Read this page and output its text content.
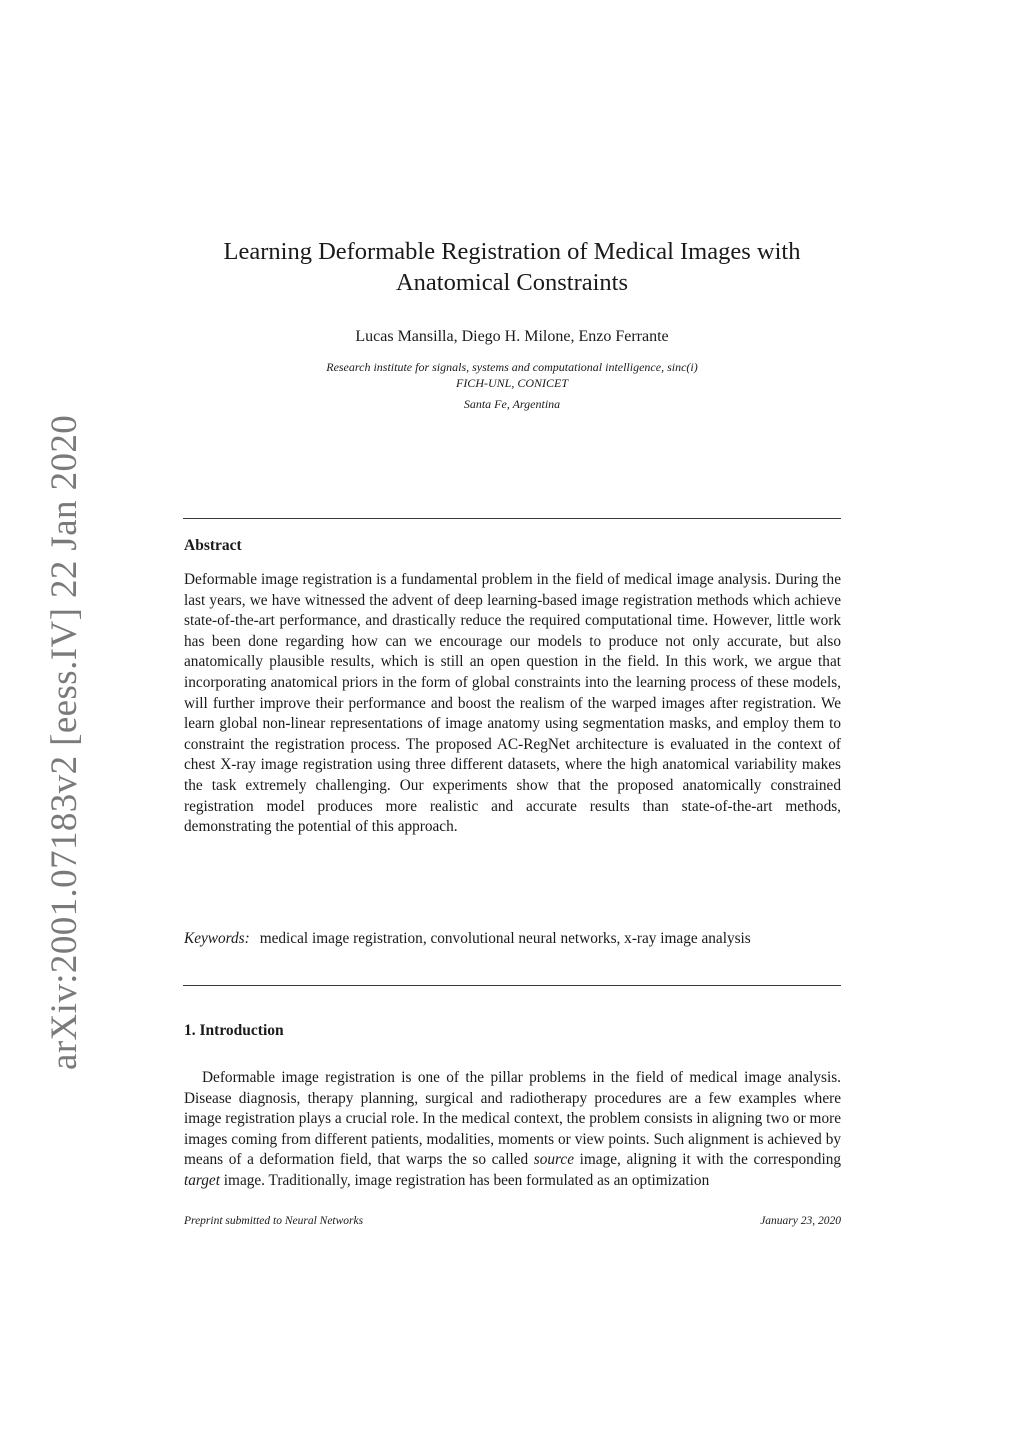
arXiv:2001.07183v2 [eess.IV] 22 Jan 2020
Learning Deformable Registration of Medical Images with
Anatomical Constraints
Lucas Mansilla, Diego H. Milone, Enzo Ferrante
Research institute for signals, systems and computational intelligence, sinc(i)
FICH-UNL, CONICET
Santa Fe, Argentina
Abstract

Deformable image registration is a fundamental problem in the field of medical image analysis. During the last years, we have witnessed the advent of deep learning-based image registration methods which achieve state-of-the-art performance, and drastically reduce the required computational time. However, little work has been done regarding how can we encourage our models to produce not only accurate, but also anatomically plausible results, which is still an open question in the field. In this work, we argue that incorporating anatomical priors in the form of global constraints into the learning process of these models, will further improve their performance and boost the realism of the warped images after registration. We learn global non-linear representations of image anatomy using segmentation masks, and employ them to constraint the registration process. The proposed AC-RegNet architecture is evaluated in the context of chest X-ray image registration using three different datasets, where the high anatomical variability makes the task extremely challenging. Our experiments show that the proposed anatomically constrained registration model produces more realistic and accurate results than state-of-the-art methods, demonstrating the potential of this approach.

Keywords: medical image registration, convolutional neural networks, x-ray image analysis

1. Introduction

Deformable image registration is one of the pillar problems in the field of medical image analysis. Disease diagnosis, therapy planning, surgical and radiotherapy procedures are a few examples where image registration plays a crucial role. In the medical context, the problem consists in aligning two or more images coming from different patients, modalities, moments or view points. Such alignment is achieved by means of a deformation field, that warps the so called source image, aligning it with the corresponding target image. Traditionally, image registration has been formulated as an optimization

Preprint submitted to Neural Networks	January 23, 2020
